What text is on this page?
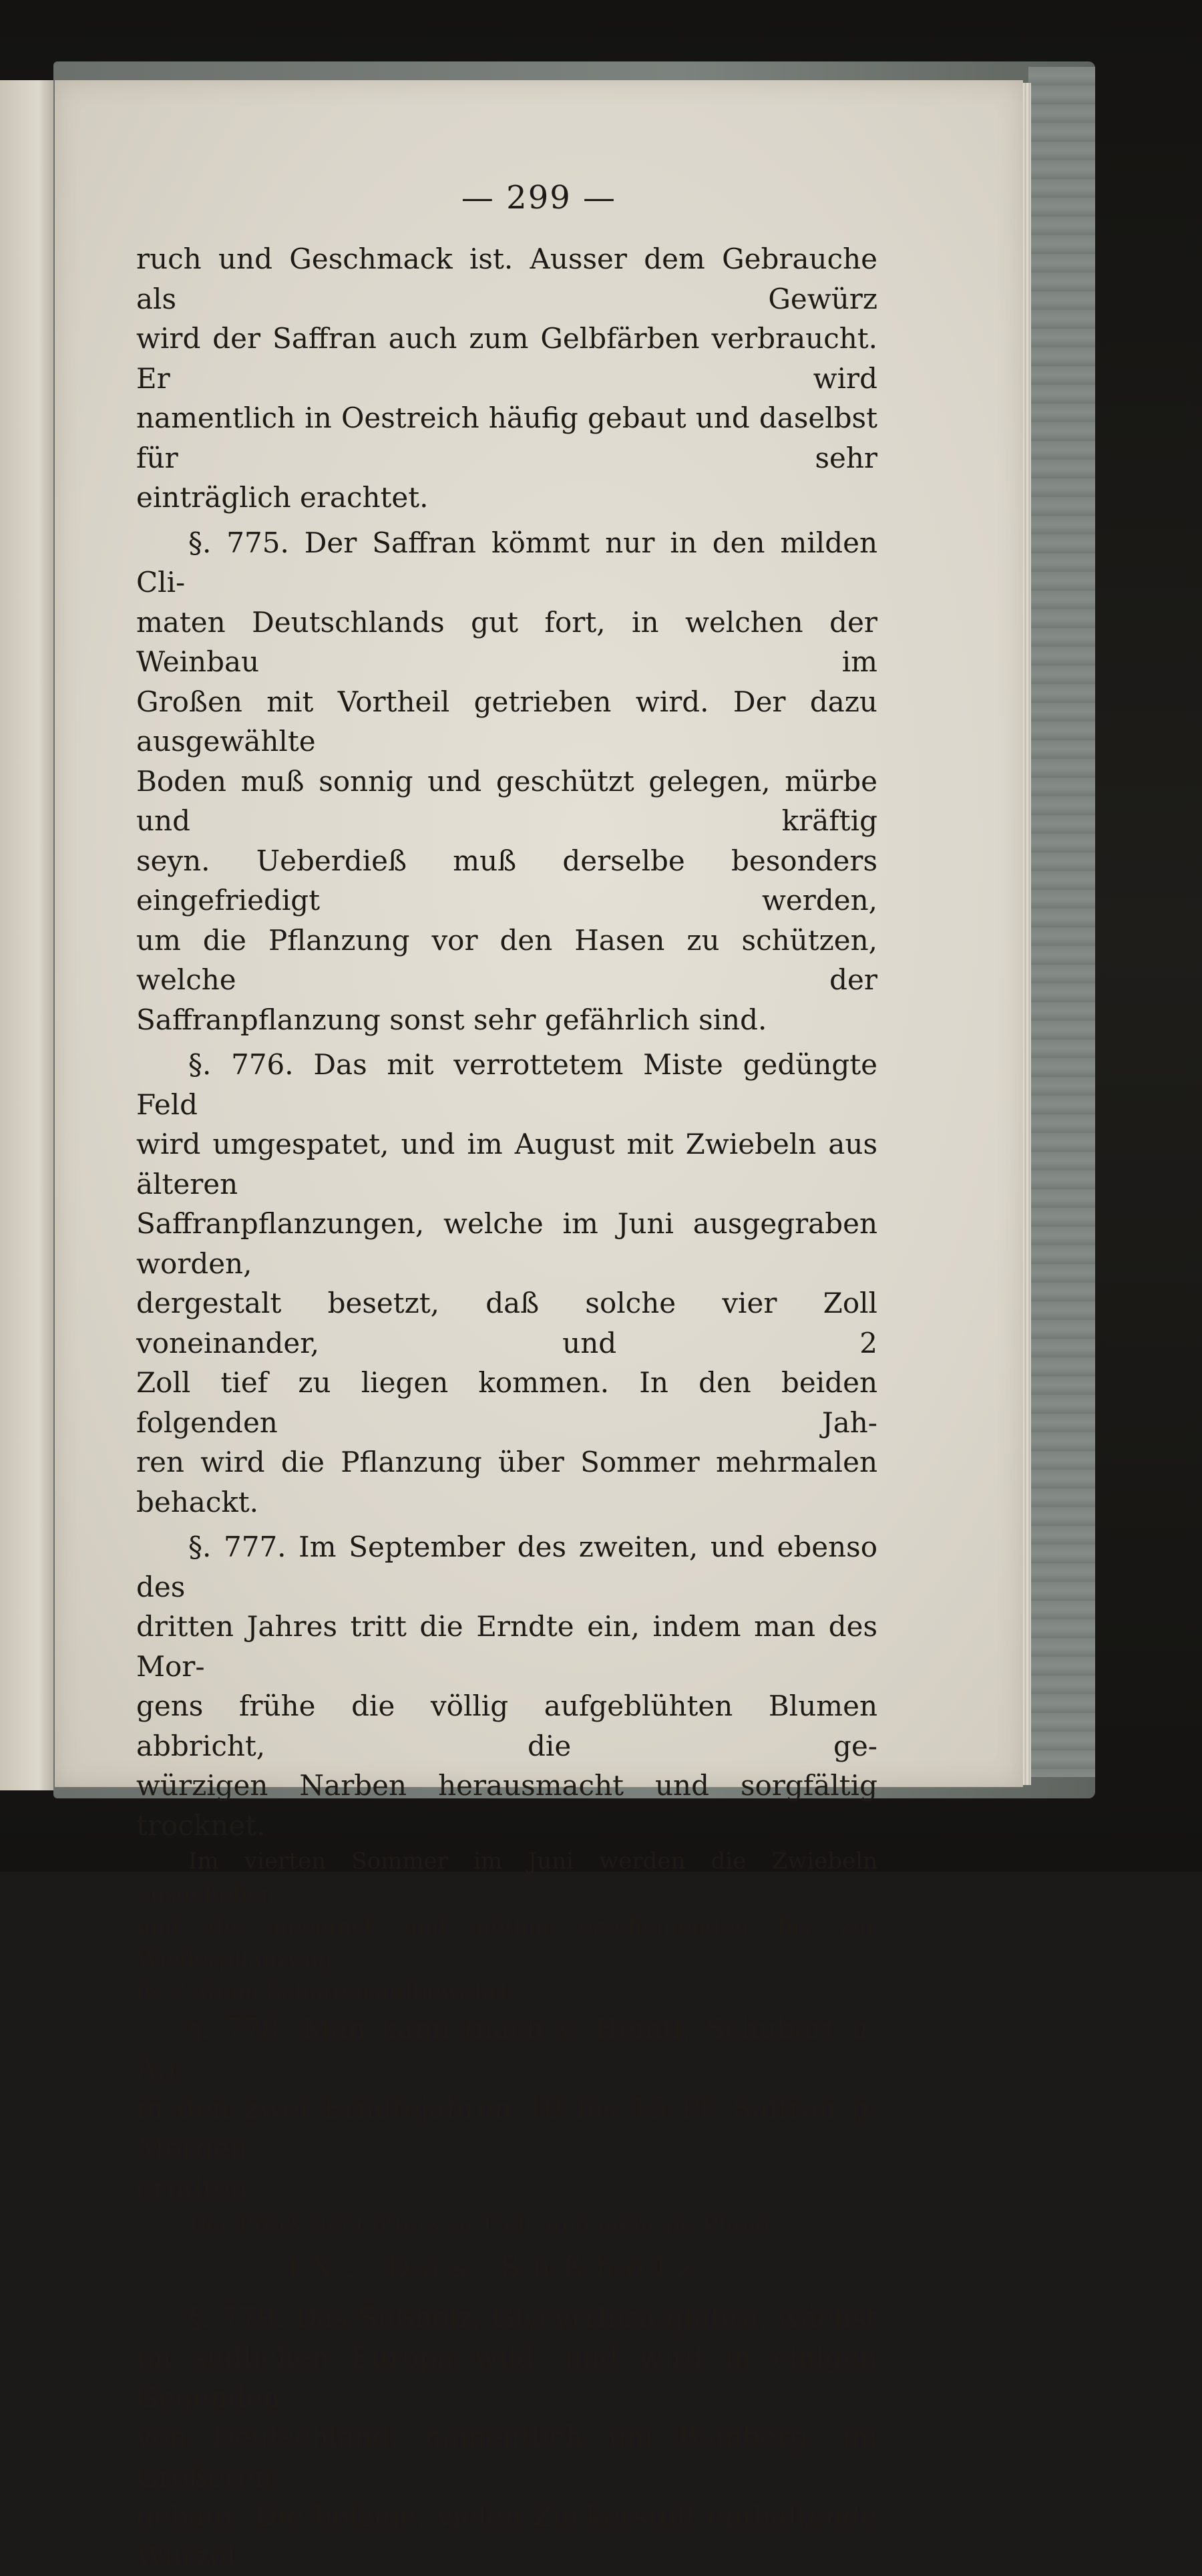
— 299 —

ruch und Geschmack ist. Ausser dem Gebrauche als Gewürz

wird der Saffran auch zum Gelbfärben verbraucht. Er wird

namentlich in Oestreich häufig gebaut und daselbst für sehr

einträglich erachtet.

§. 775. Der Saffran kömmt nur in den milden Cli-

maten Deutschlands gut fort, in welchen der Weinbau im

Großen mit Vortheil getrieben wird. Der dazu ausgewählte

Boden muß sonnig und geschützt gelegen, mürbe und kräftig

seyn. Ueberdieß muß derselbe besonders eingefriedigt werden,

um die Pflanzung vor den Hasen zu schützen, welche der

Saffranpflanzung sonst sehr gefährlich sind.

§. 776. Das mit verrottetem Miste gedüngte Feld

wird umgespatet, und im August mit Zwiebeln aus älteren

Saffranpflanzungen, welche im Juni ausgegraben worden,

dergestalt besetzt, daß solche vier Zoll voneinander, und 2

Zoll tief zu liegen kommen. In den beiden folgenden Jah-

ren wird die Pflanzung über Sommer mehrmalen behackt.

§. 777. Im September des zweiten, und ebenso des

dritten Jahres tritt die Erndte ein, indem man des Mor-

gens frühe die völlig aufgeblühten Blumen abbricht, die ge-

würzigen Narben herausmacht und sorgfältig trocknet.

Im vierten Sommer im Juni werden die Zwiebeln ausgehoben

und die geeignet und nöthig erscheinenden bis zur Wiederpflanzung

(§. 776) im Schatten aufbewahrt.

§. 778. Man kann (nach v. Heintl, Schubart u. A.)

in den zwei Erndtejahren 10 bis 15 Pf. Saffran p. Morgen

erndten.

Der Preiß steht öfters zu 15 fl. und mehr pr. Pfund.

IX. Das Süßholz.

§. 779. Das Süßholz, Glycyrrhiza glabra, wächst

im südlichen Europa wild, und wird in einigen Gegenden

von Deutschland, namentlich um Bamberg, im Größeren

gebaut. Die holzige, vielen Zuckerstoff enthaltende Wurzel
